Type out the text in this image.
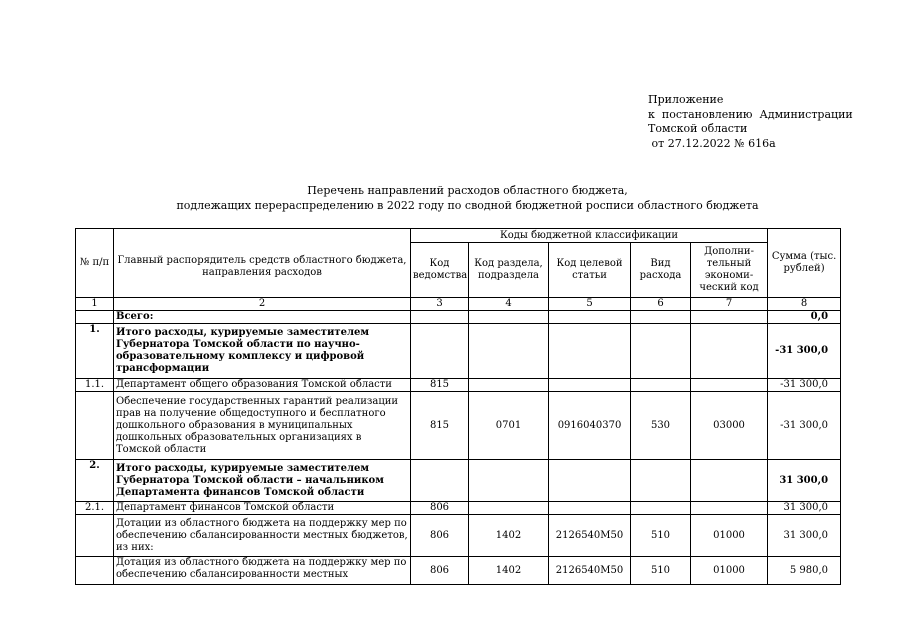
Приложение
к  постановлению  Администрации
Томской области
от 27.12.2022 № 616а
Перечень направлений расходов областного бюджета,
подлежащих перераспределению в 2022 году по сводной бюджетной росписи областного бюджета
№ п/п	Главный распорядитель средств областного бюджета, направления расходов	Коды бюджетной классификации					Сумма (тыс. рублей)
		Код ведомства	Код раздела, подраздела	Код целевой статьи	Вид расхода	Дополни-тельный экономи-ческий код	
1	2	3	4	5	6	7	8
	Всего:						0,0
1.	Итого расходы, курируемые заместителем Губернатора Томской области по научно-образовательному комплексу и цифровой трансформации						-31 300,0
1.1.	Департамент общего образования Томской области	815					-31 300,0
	Обеспечение государственных гарантий реализации прав на получение общедоступного и бесплатного дошкольного образования в муниципальных дошкольных образовательных организациях в Томской области	815	0701	0916040370	530	03000	-31 300,0
2.	Итого расходы, курируемые заместителем Губернатора Томской области – начальником Департамента финансов Томской области						31 300,0
2.1.	Департамент финансов Томской области	806					31 300,0
	Дотации из областного бюджета на поддержку мер по обеспечению сбалансированности местных бюджетов, из них:	806	1402	2126540М50	510	01000	31 300,0
	Дотация из областного бюджета на поддержку мер по обеспечению сбалансированности местных	806	1402	2126540М50	510	01000	5 980,0
